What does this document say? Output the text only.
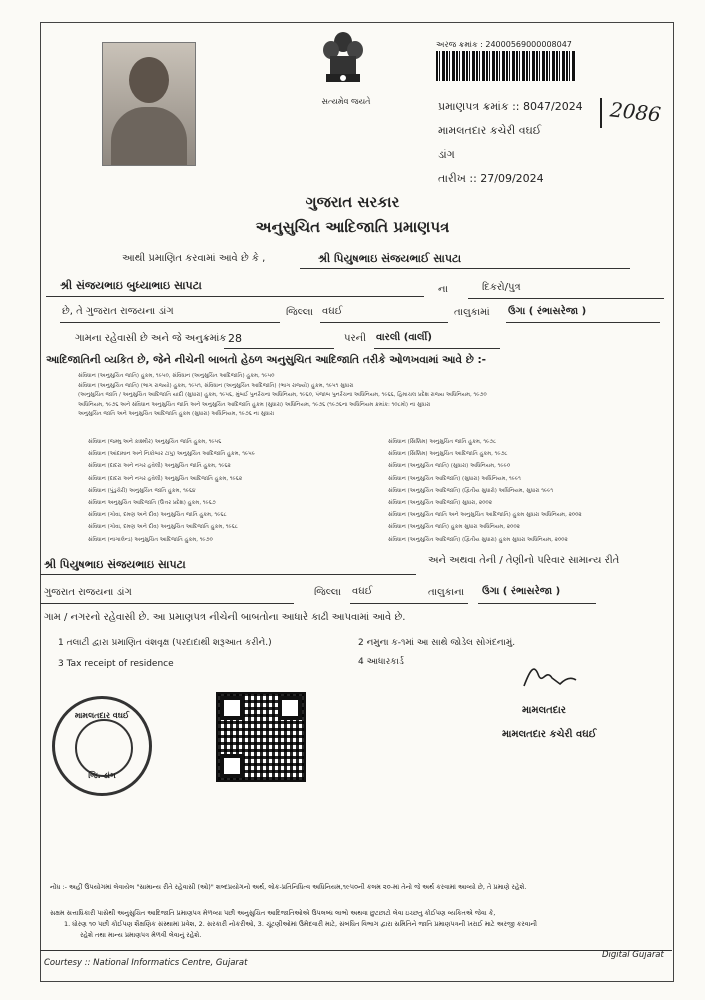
સત્યમેવ જયતે
અરજ ક્રમાંક : 24000569000008047
પ્રમાણપત્ર ક્રમાંક :: 8047/2024 2086
મામલતદાર કચેરી વઘઈ
ડાંગ
તારીખ :: 27/09/2024
ગુજરાત સરકાર
અનુસુચિત આદિજાતિ પ્રમાણપત્ર
આથી પ્રમાણિત કરવામાં આવે છે કે ,	શ્રી પિયુષભાઇ સંજયભાઈ સાપટા
શ્રી સંજયભાઇ બુધ્યાભાઇ સાપટા	ના	દિકરો/પુત્ર
છે, તે ગુજરાત રાજયના ડાંગ	જિલ્લા વઘઈ	તાલુકામાં ઉગા ( રંભાસરેજા )
ગામના રહેવાસી છે અને જે અનુક્રમાંક 28	પરની વારલી (વાર્લી)
આદિજાતિની વ્યકિત છે, જેને નીચેની બાબતો હેઠળ અનુસુચિત આદિજાતિ તરીકે ઓળખવામાં આવે છે :-
સંવિધાન (અનુસુચિત જાતિ) હુકમ, ૧૯૫૦, સંવિધાન (અનુસુચિત આદિજાતિ) હુકમ, ૧૯૫૦
સંવિધાન (અનુસુચિત જાતિ) (ભાગ રાજ્યો) હુકમ, ૧૯૫૧, સંવિધાન (અનુસુચિત આદિજાતિ) (ભાગ રાજ્યો) હુકમ, ૧૯૫૧ સુધારા
(અનુસુચિત જાતિ / અનુસુચિત આદિજાતિ યાદી (સુધારા) હુકમ, ૧૯૫૬, મુંબઈ પુનર્રચના અધિનિયમ, ૧૯૬૦, પંજાબ પુનર્રચના અધિનિયમ, ૧૯૬૬, હિમાચલ પ્રદેશ રાજ્ય અધિનિયમ, ૧૯૭૦
અધિનિયમ, ૧૯૭૬ અને સંવિધાન અનુસુચિત જાતિ અને અનુસુચિત આદિજાતિ હુકમ (સુધારા) અધિનિયમ, ૧૯૭૬ (૧૯૭૬ના અધિનિયમ ક્રમાંક: ૧૦૮મો) ના સુધારા
અનુસુચિત જાતિ અને અનુસુચિત આદિજાતિ હુકમ (સુધારા) અધિનિયમ, ૧૯૭૬ ના સુધારા
સંવિધાન (જમ્મુ અને કાશ્મીર) અનુસુચિત જાતિ હુકમ, ૧૯૫૬
સંવિધાન (આંદામાન અને નિકોબાર ટાપુ) અનુસુચિત આદિજાતિ હુકમ, ૧૯૫૯
સંવિધાન (દાદરા અને નગર હવેલી) અનુસુચિત જાતિ હુકમ, ૧૯૬૨
સંવિધાન (દાદરા અને નગર હવેલી) અનુસુચિત આદિજાતિ હુકમ, ૧૯૬૨
સંવિધાન (પુંડુચેરી) અનુસુચિત જાતિ હુકમ, ૧૯૬૪
સંવિધાન અનુસુચિત આદિજાતિ (ઉત્તર પ્રદેશ) હુકમ, ૧૯૬૭
સંવિધાન (ગોવા, દમણ અને દીવ) અનુસુચિત જાતિ હુકમ, ૧૯૬૮
સંવિધાન (ગોવા, દમણ અને દીવ) અનુસુચિત આદિજાતિ હુકમ, ૧૯૬૮
સંવિધાન (નાગાલેન્ડ) અનુસુચિત આદિજાતિ હુકમ, ૧૯૭૦
સંવિધાન (સિક્કિમ) અનુસુચિત જાતિ હુકમ, ૧૯૭૮
સંવિધાન (સિક્કિમ) અનુસુચિત આદિજાતિ હુકમ, ૧૯૭૮
સંવિધાન (અનુસુચિત જાતિ) (સુધારા) અધિનિયમ, ૧૯૯૦
સંવિધાન (અનુસુચિત આદિજાતિ) (સુધારા) અધિનિયમ, ૧૯૯૧
સંવિધાન (અનુસુચિત આદિજાતિ) (દ્વિતીય સુધારો) અધિનિયમ, સુધારા ૧૯૯૧
સંવિધાન (અનુસુચિત આદિજાતિ) સુધારા, ૨૦૦૨
સંવિધાન (અનુસુચિત જાતિ અને અનુસુચિત આદિજાતિ) હુકમ સુધારા અધિનિયમ, ૨૦૦૨
સંવિધાન (અનુસુચિત જાતિ) હુકમ સુધારા અધિનિયમ, ૨૦૦૨
સંવિધાન (અનુસુચિત આદિજાતિ) (દ્વિતીય સુધારા) હુકમ સુધારા અધિનિયમ, ૨૦૦૨
શ્રી પિયુષભાઇ સંજયભાઇ સાપટા	અને અથવા તેની / તેણીનો પરિવાર સામાન્ય રીતે
ગુજરાત રાજયના ડાંગ	જિલ્લા વઘઈ	તાલુકાના ઉગા ( રંભાસરેજા )
ગામ / નગરનો રહેવાસી છે. આ પ્રમાણપત્ર નીચેની બાબતોના આધારે કાઢી આપવામાં આવે છે.
1 તલાટી દ્વારા પ્રમાણિત વંશવૃક્ષ (પરદાદાથી શરૂઆત કરીને.)	2 નમુના ક-૧માં આ સાથે જોડેલ સોગંદનામું.
3 Tax receipt of residence	4 આધારકાર્ડ
મામલતદાર વઘઈ
જિ. ડાંગ
મામલતદાર
મામલતદાર કચેરી વઘઈ
નોંધ :- અહીં ઉપયોગમાં લેવાયેલ "સામાન્ય રીતે રહેવાસી (ઓ)" શબ્દપ્રયોગનો અર્થ, લોક-પ્રતિનિધિત્વ અધિનિયમ,૧૯૫૦ની કલમ ૨૦-માં તેનો જે અર્થ કરવામાં આવ્યો છે, તે પ્રમાણે રહેશે.
સક્ષમ સત્તાધિકારી પાસેથી અનુસુચિત આદિજાતિ પ્રમાણપત્ર મેળવ્યા પછી અનુસુચિત આદિજાતિઓએ ઉપલબ્ધ લાભો અથવા છુટછાટો લેવા ઇચ્છતુ કોઈપણ વ્યકિતએ જેવા કે,
1. ધોરણ ૧૦ પછી કોઈપણ શૈક્ષણિક સંસ્થામાં પ્રવેશ, 2. સરકારી નોકરીઓ, 3. ચૂંટણીઓમાં ઉમેદવારી માટે, સંબંધિત વિભાગ દ્વારા સમિતિને જાતિ પ્રમાણપત્રની ખરાઈ માટે અરજી કરવાની
રહેશે તથા માન્ય પ્રમાણપત્ર મેળવી લેવાનું રહેશે.
Courtesy :: National Informatics Centre, Gujarat
Digital Gujarat
